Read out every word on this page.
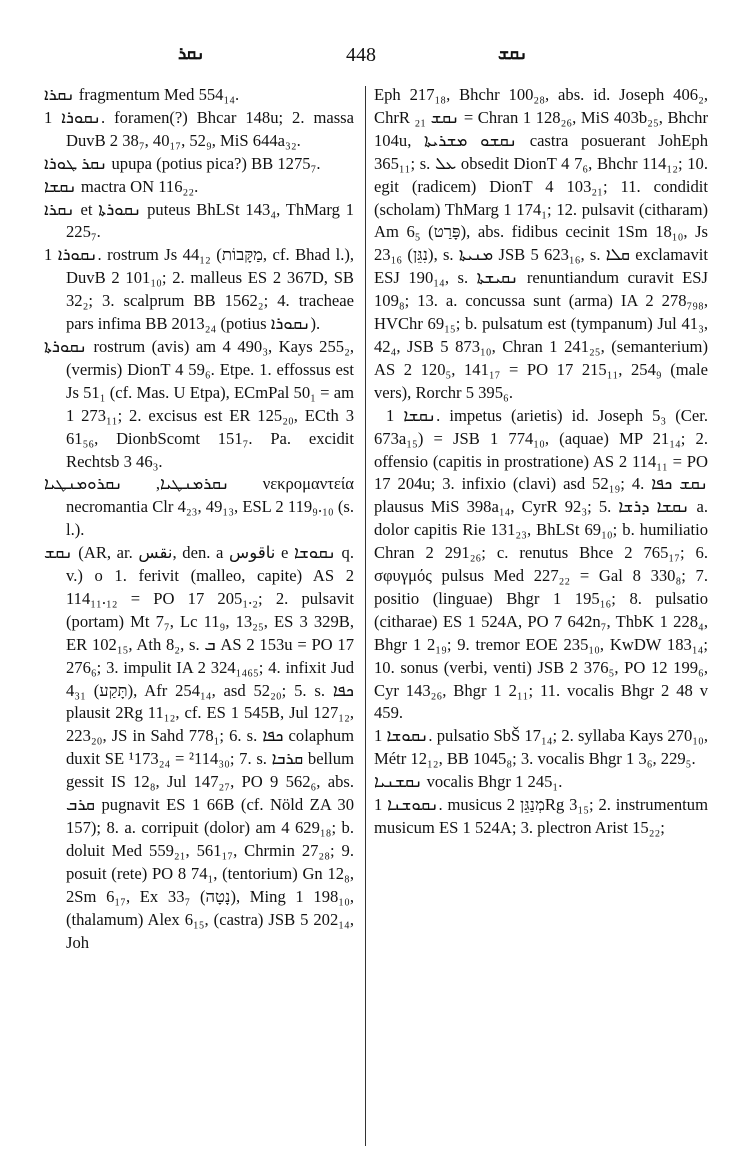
ܢܩܪ	448	ܢܩܫ

ܢܩܪܐ fragmentum Med 554₁₄.

ܢܩܘܪܐ 1. foramen(?) Bhcar 148u; 2. massa DuvB 2 38₇, 40₁₇, 52₉, MiS 644a₃₂.

ܢܩܪ ܛܘܪܐ upupa (potius pica?) BB 1275₇.

ܢܩܫܐ mactra ON 116₂₂.

ܢܩܪܐ et ܢܩܘܪܬܐ puteus BhLSt 143₄, ThMarg 1 225₇.

ܢܩܘܪܐ 1. rostrum Js 44₁₂ (מַקָּבוֹת, cf. Bhad l.), DuvB 2 101₁₀; 2. malleus ES 2 367D, SB 32₂; 3. scalprum BB 1562₂; 4. tracheae pars infima BB 2013₂₄ (potius ܢܩܘܪܐ).

ܢܩܘܪܬܐ rostrum (avis) am 4 490₃, Kays 255₂, (vermis) DionT 4 59₆. Etpe. 1. effossus est Js 51₁ (cf. Mas. U Etpa), ECmPal 50₁ = am 1 273₁₁; 2. excisus est ER 125₂₀, ECth 3 61₅₆, DionbScomt 151₇. Pa. excidit Rechtsb 3 46₃.

ܢܩܪܡܢܛܝܐ, ܢܩܪܘܡܢܛܝܐ νεκρομαντεία necromantia Clr 4₂₃, 49₁₃, ESL 2 119₉.₁₀ (s. l.).

ܢܩܫ (AR, ar. نقس, den. a ناقوس e ܢܩܘܫܐ q. v.) o 1. ferivit (malleo, capite) AS 2 114₁₁.₁₂ = PO 17 205₁.₂; 2. pulsavit (portam) Mt 7₇, Lc 11₉, 13₂₅, ES 3 329B, ER 102₁₅, Ath 8₂, s. ܒ AS 2 153u = PO 17 276₆; 3. impulit IA 2 324₁₄₆₅; 4. infixit Jud 4₃₁ (תָּקַע), Afr 254₁₄, asd 52₂₀; 5. s. ܟܦܐ plausit 2Rg 11₁₂, cf. ES 1 545B, Jul 127₁₂, 223₂₀, JS in Sahd 778₁; 6. s. ܟܦܐ colaphum duxit SE ¹173₂₄ = ²114₃₀; 7. s. ܩܪܒܐ bellum gessit IS 12₈, Jul 147₂₇, PO 9 562₆, abs. ܩܪܒ pugnavit ES 1 66B (cf. Nöld ZA 30 157); 8. a. corripuit (dolor) am 4 629₁₈; b. doluit Med 559₂₁, 561₁₇, Chrmin 27₂₈; 9. posuit (rete) PO 8 74₁, (tentorium) Gn 12₈, 2Sm 6₁₇, Ex 33₇ (נָטָה), Ming 1 198₁₀, (thalamum) Alex 6₁₅, (castra) JSB 5 202₁₄, Joh

Eph 217₁₈, Bhchr 100₂₈, abs. id. Joseph 406₂, ChrR ܢܩܫ ₂₁ = Chran 1 128₂₆, MiS 403b₂₅, Bhchr 104u, ܢܩܫܘ ܡܫܪܝܬܐ castra posuerant JohEph 365₁₁; s. ܥܠ obsedit DionT 4 7₆, Bhchr 114₁₂; 10. egit (radicem) DionT 4 103₂₁; 11. condidit (scholam) ThMarg 1 174₁; 12. pulsavit (citharam) Am 6₅ (פָּרַט), abs. fidibus cecinit 1Sm 18₁₀, Js 23₁₆ (נִגֵּן), s. ܡܢܝܬܐ JSB 5 623₁₆, s. ܩܠܐ exclamavit ESJ 190₁₄, s. ܢܩܝܫܬܐ renuntiandum curavit ESJ 109₈; 13. a. concussa sunt (arma) IA 2 278₇₉₈, HVChr 69₁₅; b. pulsatum est (tympanum) Jul 41₃, 42₄, JSB 5 873₁₀, Chran 1 241₂₅, (semanterium) AS 2 120₅, 141₁₇ = PO 17 215₁₁, 254₉ (male vers), Rorchr 5 395₆.

ܢܩܫܐ 1. impetus (arietis) id. Joseph 5₃ (Cer. 673a₁₅) = JSB 1 774₁₀, (aquae) MP 21₁₄; 2. offensio (capitis in prostratione) AS 2 114₁₁ = PO 17 204u; 3. infixio (clavi) asd 52₁₉; 4. ܢܩܫ ܟܦܐ plausus MiS 398a₁₄, CyrR 92₃; 5. ܢܩܫܐ ܕܪܫܐ a. dolor capitis Rie 131₂₃, BhLSt 69₁₀; b. humiliatio Chran 2 291₂₆; c. renutus Bhce 2 765₁₇; 6. σφυγμός pulsus Med 227₂₂ = Gal 8 330₈; 7. positio (linguae) Bhgr 1 195₁₆; 8. pulsatio (citharae) ES 1 524A, PO 7 642n₇, ThbK 1 228₄, Bhgr 1 2₁₉; 9. tremor EOE 235₁₀, KwDW 183₁₄; 10. sonus (verbi, venti) JSB 2 376₅, PO 12 199₆, Cyr 143₂₆, Bhgr 1 2₁₁; 11. vocalis Bhgr 2 48 v 459.

ܢܩܘܫܐ 1. pulsatio SbŠ 17₁₄; 2. syllaba Kays 270₁₀, Métr 12₁₂, BB 1045₈; 3. vocalis Bhgr 1 3₆, 229₅.

ܢܩܫܢܝܐ vocalis Bhgr 1 245₁.

ܢܩܘܫܢܐ 1. musicus מְנַגֵּן 2Rg 3₁₅; 2. instrumentum musicum ES 1 524A; 3. plectron Arist 15₂₂;
